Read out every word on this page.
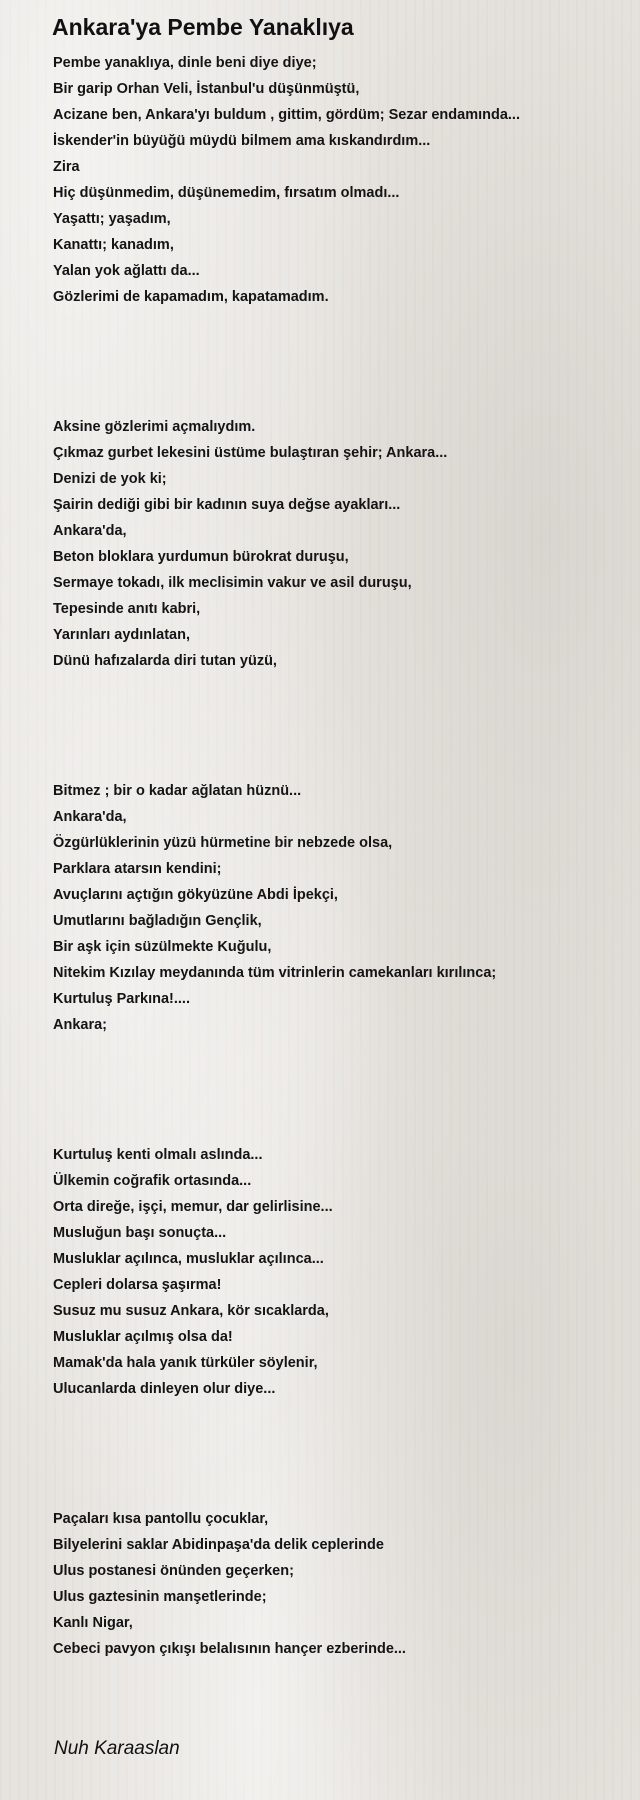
Ankara'ya Pembe Yanaklıya
Pembe yanaklıya, dinle beni diye diye;
Bir garip Orhan Veli, İstanbul'u düşünmüştü,
Acizane ben, Ankara'yı buldum , gittim, gördüm; Sezar endamında...
İskender'in büyüğü müydü bilmem ama kıskandırdım...
Zira
Hiç düşünmedim, düşünemedim, fırsatım olmadı...
Yaşattı; yaşadım,
Kanattı; kanadım,
Yalan yok ağlattı da...
Gözlerimi de kapamadım, kapatamadım.
Aksine gözlerimi açmalıydım.
Çıkmaz gurbet lekesini üstüme bulaştıran şehir; Ankara...
Denizi de yok ki;
Şairin dediği gibi bir kadının suya değse ayakları...
Ankara'da,
Beton bloklara yurdumun bürokrat duruşu,
Sermaye tokadı, ilk meclisimin vakur ve asil duruşu,
Tepesinde anıtı kabri,
Yarınları aydınlatan,
Dünü hafızalarda diri tutan yüzü,
Bitmez ; bir o kadar ağlatan hüznü...
Ankara'da,
Özgürlüklerinin yüzü hürmetine bir nebzede olsa,
Parklara atarsın kendini;
Avuçlarını açtığın gökyüzüne Abdi İpekçi,
Umutlarını bağladığın Gençlik,
Bir aşk için süzülmekte Kuğulu,
Nitekim Kızılay meydanında tüm vitrinlerin camekanları kırılınca;
Kurtuluş Parkına!....
Ankara;
Kurtuluş kenti olmalı aslında...
Ülkemin coğrafik ortasında...
Orta direğe, işçi, memur, dar gelirlisine...
Musluğun başı sonuçta...
Musluklar açılınca, musluklar açılınca...
Cepleri dolarsa şaşırma!
Susuz mu susuz Ankara, kör sıcaklarda,
Musluklar açılmış olsa da!
Mamak'da hala yanık türküler söylenir,
Ulucanlarda dinleyen olur diye...
Paçaları kısa pantollu çocuklar,
Bilyelerini saklar Abidinpaşa'da delik ceplerinde
Ulus postanesi önünden geçerken;
Ulus gaztesinin manşetlerinde;
Kanlı Nigar,
Cebeci pavyon çıkışı belalısının hançer ezberinde...

Nuh Karaaslan
